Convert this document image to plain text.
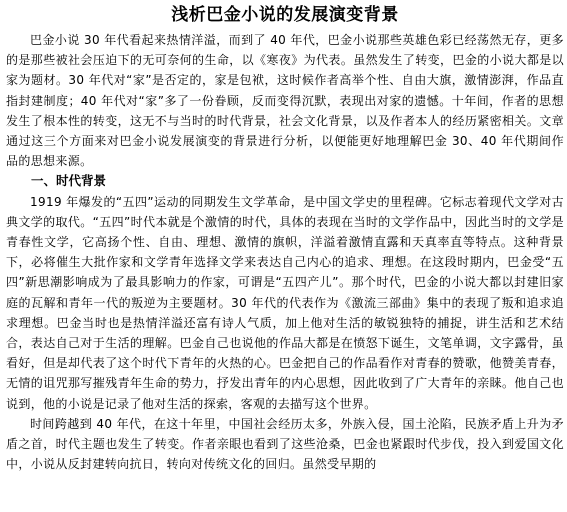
浅析巴金小说的发展演变背景

巴金小说 30 年代看起来热情洋溢，而到了 40 年代，巴金小说那些英雄色彩已经荡然无存，更多的是那些被社会压迫下的无可奈何的生命，以《寒夜》为代表。虽然发生了转变，巴金的小说大都是以家为题材。30 年代对“家”是否定的，家是包袱，这时候作者高举个性、自由大旗，激情澎湃，作品直指封建制度；40 年代对“家”多了一份眷顾，反而变得沉默，表现出对家的遗憾。十年间，作者的思想发生了根本性的转变，这无不与当时的时代背景，社会文化背景，以及作者本人的经历紧密相关。文章通过这三个方面来对巴金小说发展演变的背景进行分析，以便能更好地理解巴金 30、40 年代期间作品的思想来源。

一、时代背景

1919 年爆发的“五四”运动的同期发生文学革命，是中国文学史的里程碑。它标志着现代文学对古典文学的取代。“五四”时代本就是个激情的时代，具体的表现在当时的文学作品中，因此当时的文学是青春性文学，它高扬个性、自由、理想、激情的旗帜，洋溢着激情直露和天真率直等特点。这种背景下，必将催生大批作家和文学青年选择文学来表达自己内心的追求、理想。在这段时期内，巴金受“五四”新思潮影响成为了最具影响力的作家，可谓是“五四产儿”。那个时代，巴金的小说大都以封建旧家庭的瓦解和青年一代的叛逆为主要题材。30 年代的代表作为《激流三部曲》集中的表现了叛和追求追求理想。巴金当时也是热情洋溢还富有诗人气质，加上他对生活的敏锐独特的捕捉，讲生活和艺术结合，表达自己对于生活的理解。巴金自己也说他的作品大都是在愤怒下诞生，文笔单调，文字露骨，虽看好，但是却代表了这个时代下青年的火热的心。巴金把自己的作品看作对青春的赞歌，他赞美青春，无情的诅咒那写摧残青年生命的势力，抒发出青年的内心思想，因此收到了广大青年的亲睐。他自己也说到，他的小说是记录了他对生活的探索，客观的去描写这个世界。

时间跨越到 40 年代，在这十年里，中国社会经历太多，外族入侵，国土沦陷，民族矛盾上升为矛盾之首，时代主题也发生了转变。作者亲眼也看到了这些沧桑，巴金也紧跟时代步伐，投入到爱国文化中，小说从反封建转向抗日，转向对传统文化的回归。虽然受早期的
